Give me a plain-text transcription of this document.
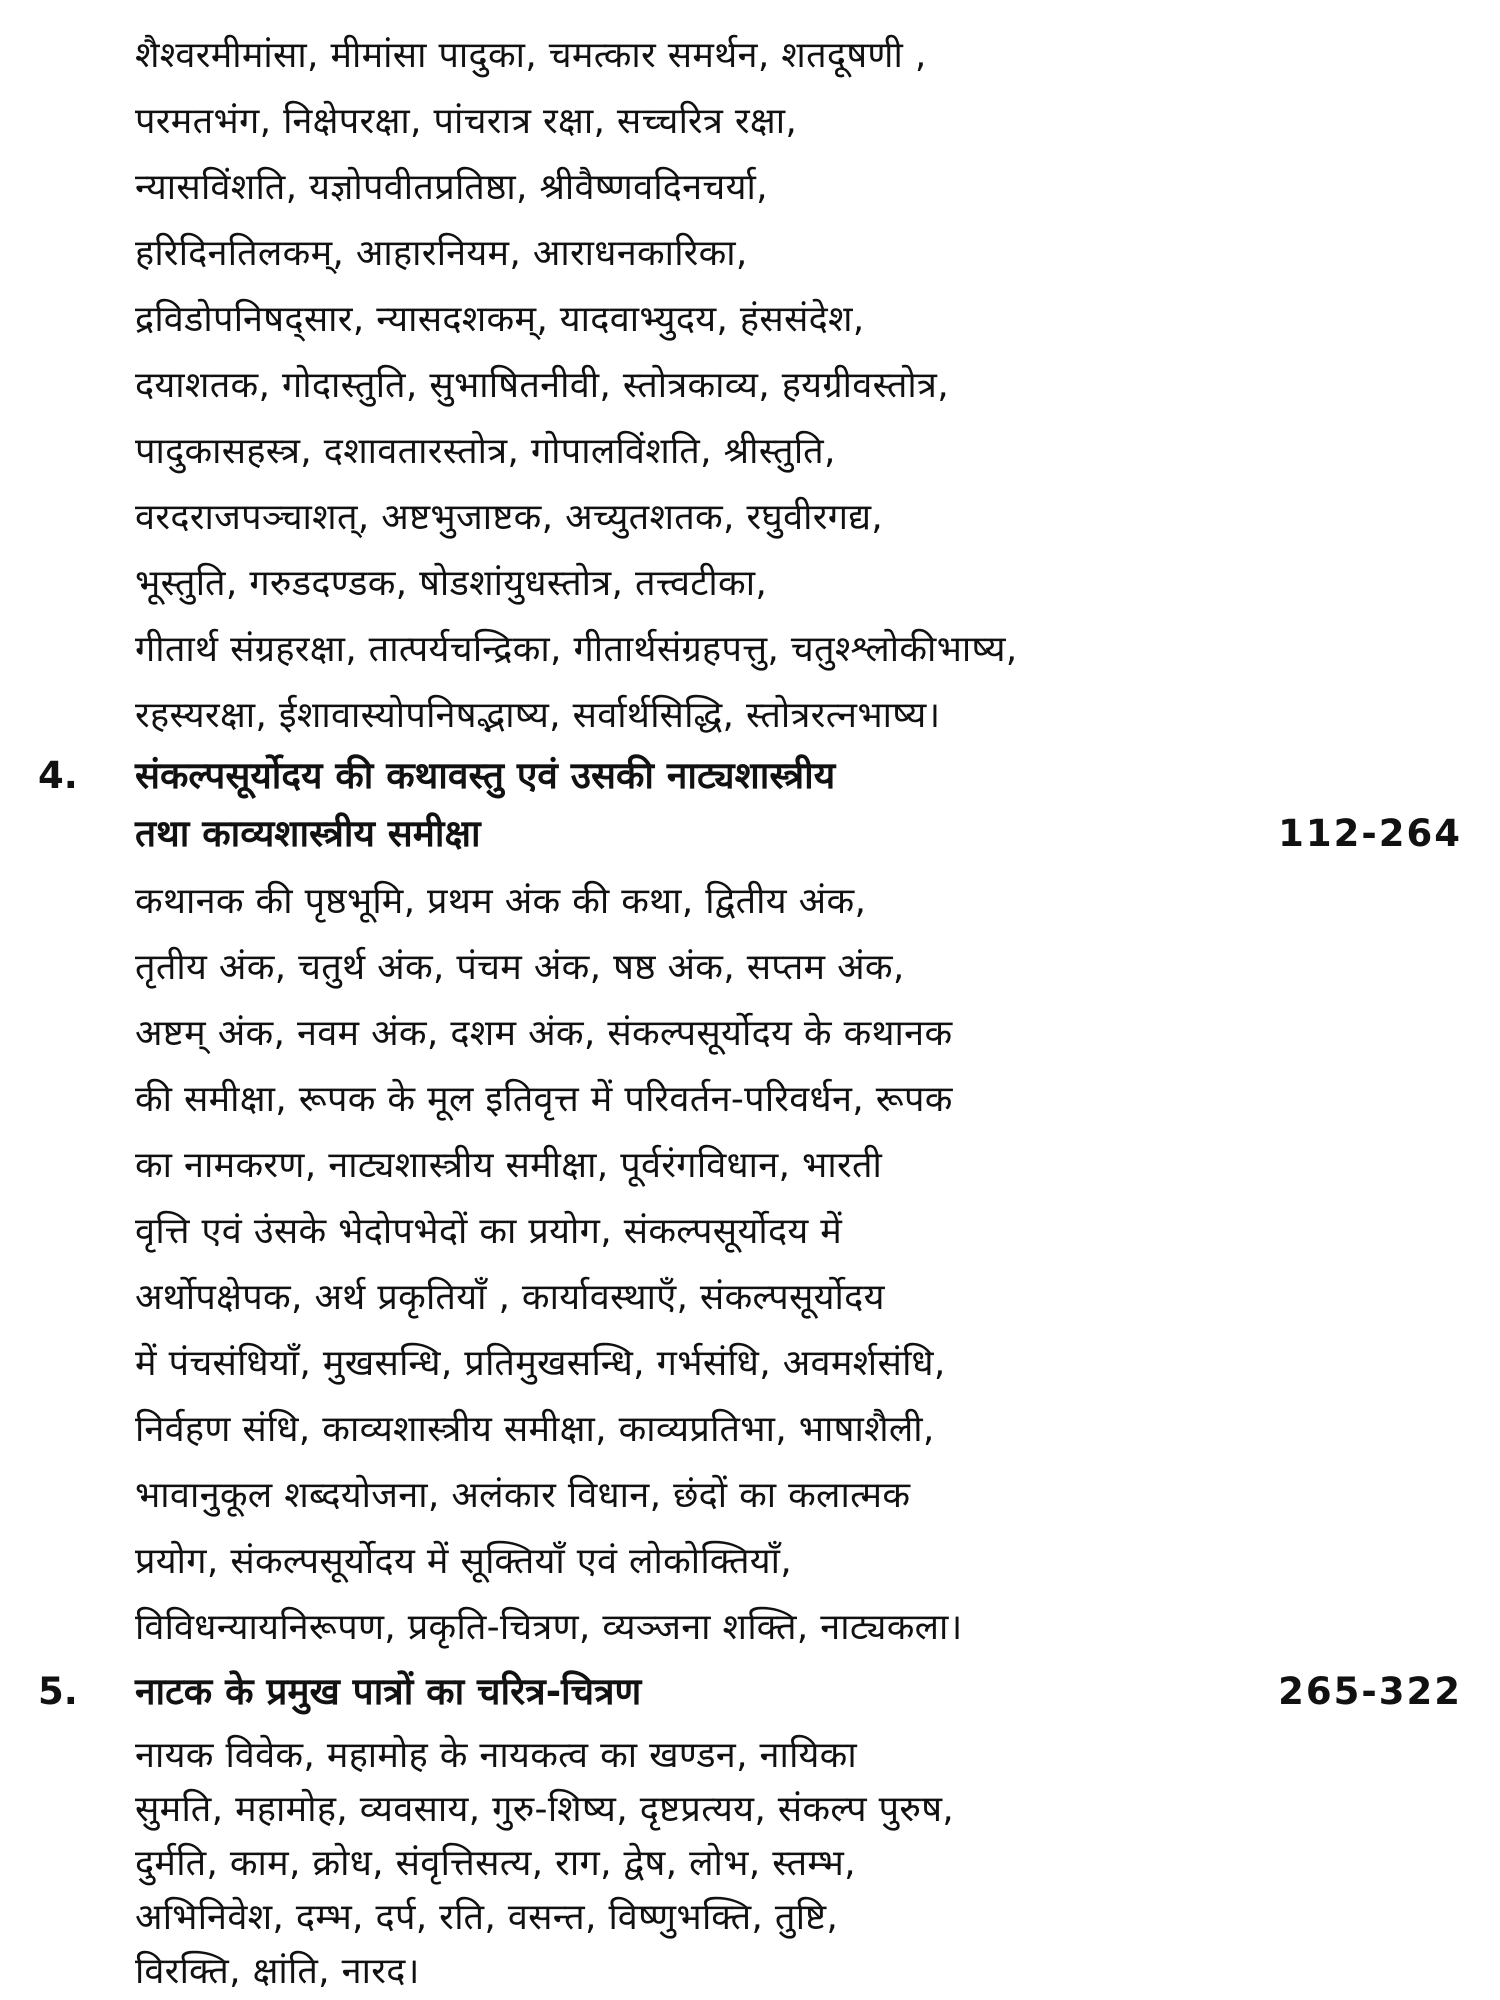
शैश्वरमीमांसा, मीमांसा पादुका, चमत्कार समर्थन, शतदूषणी ,
परमतभंग, निक्षेपरक्षा, पांचरात्र रक्षा, सच्चरित्र रक्षा,
न्यासविंशति, यज्ञोपवीतप्रतिष्ठा, श्रीवैष्णवदिनचर्या,
हरिदिनतिलकम्, आहारनियम, आराधनकारिका,
द्रविडोपनिषद्सार, न्यासदशकम्, यादवाभ्युदय, हंससंदेश,
दयाशतक, गोदास्तुति, सुभाषितनीवी, स्तोत्रकाव्य, हयग्रीवस्तोत्र,
पादुकासहस्त्र, दशावतारस्तोत्र, गोपालविंशति, श्रीस्तुति,
वरदराजपञ्चाशत्, अष्टभुजाष्टक, अच्युतशतक, रघुवीरगद्य,
भूस्तुति, गरुडदण्डक, षोडशांयुधस्तोत्र, तत्त्वटीका,
गीतार्थ संग्रहरक्षा, तात्पर्यचन्द्रिका, गीतार्थसंग्रहपत्तु, चतुश्श्लोकीभाष्य,
रहस्यरक्षा, ईशावास्योपनिषद्भाष्य, सर्वार्थसिद्धि, स्तोत्ररत्नभाष्य।
4. संकल्पसूर्योदय की कथावस्तु एवं उसकी नाट्यशास्त्रीय
तथा काव्यशास्त्रीय समीक्षा	112-264
कथानक की पृष्ठभूमि, प्रथम अंक की कथा, द्वितीय अंक,
तृतीय अंक, चतुर्थ अंक, पंचम अंक, षष्ठ अंक, सप्तम अंक,
अष्टम् अंक, नवम अंक, दशम अंक, संकल्पसूर्योदय के कथानक
की समीक्षा, रूपक के मूल इतिवृत्त में परिवर्तन-परिवर्धन, रूपक
का नामकरण, नाट्यशास्त्रीय समीक्षा, पूर्वरंगविधान, भारती
वृत्ति एवं उंसके भेदोपभेदों का प्रयोग, संकल्पसूर्योदय में
अर्थोपक्षेपक, अर्थ प्रकृतियाँ , कार्यावस्थाएँ, संकल्पसूर्योदय
में पंचसंधियाँ, मुखसन्धि, प्रतिमुखसन्धि, गर्भसंधि, अवमर्शसंधि,
निर्वहण संधि, काव्यशास्त्रीय समीक्षा, काव्यप्रतिभा, भाषाशैली,
भावानुकूल शब्दयोजना, अलंकार विधान, छंदों का कलात्मक
प्रयोग, संकल्पसूर्योदय में सूक्तियाँ एवं लोकोक्तियाँ,
विविधन्यायनिरूपण, प्रकृति-चित्रण, व्यञ्जना शक्ति, नाट्यकला।
5. नाटक के प्रमुख पात्रों का चरित्र-चित्रण	265-322
नायक विवेक, महामोह के नायकत्व का खण्डन, नायिका
सुमति, महामोह, व्यवसाय, गुरु-शिष्य, दृष्टप्रत्यय, संकल्प पुरुष,
दुर्मति, काम, क्रोध, संवृत्तिसत्य, राग, द्वेष, लोभ, स्तम्भ,
अभिनिवेश, दम्भ, दर्प, रति, वसन्त, विष्णुभक्ति, तुष्टि,
विरक्ति, क्षांति, नारद।
